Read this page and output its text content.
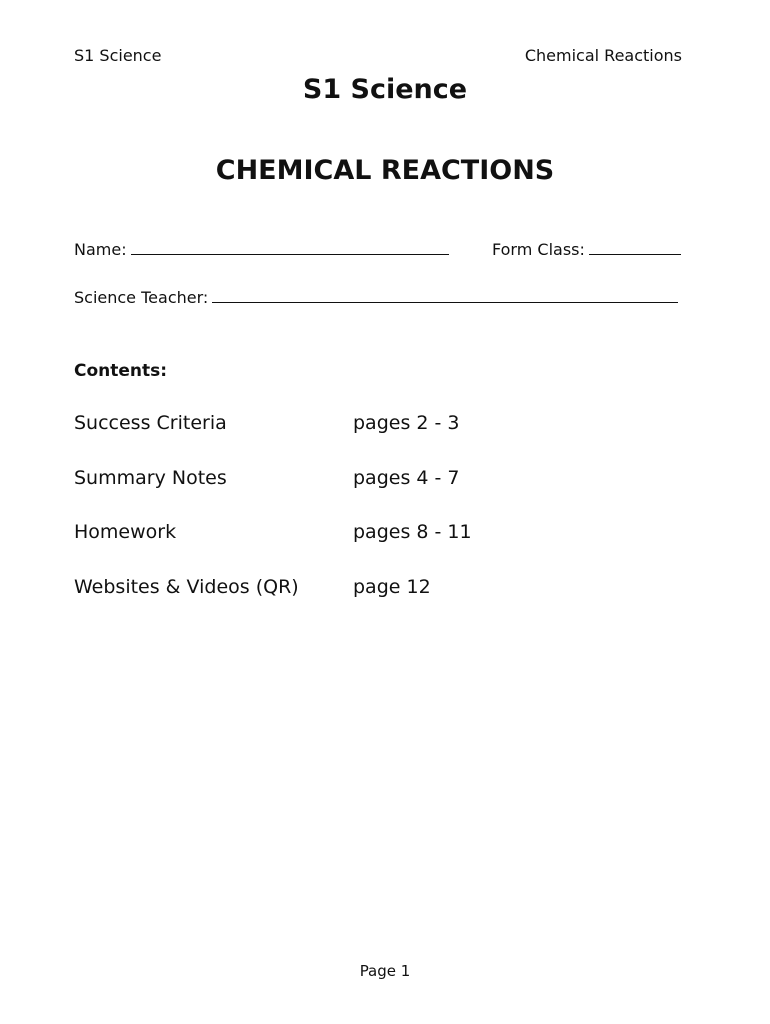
S1 Science	Chemical Reactions
S1 Science
CHEMICAL REACTIONS
Name:	Form Class:
Science Teacher:
Contents:
Success Criteria	pages 2 - 3
Summary Notes	pages 4 - 7
Homework	pages 8 - 11
Websites & Videos (QR)	page 12
Page 1
